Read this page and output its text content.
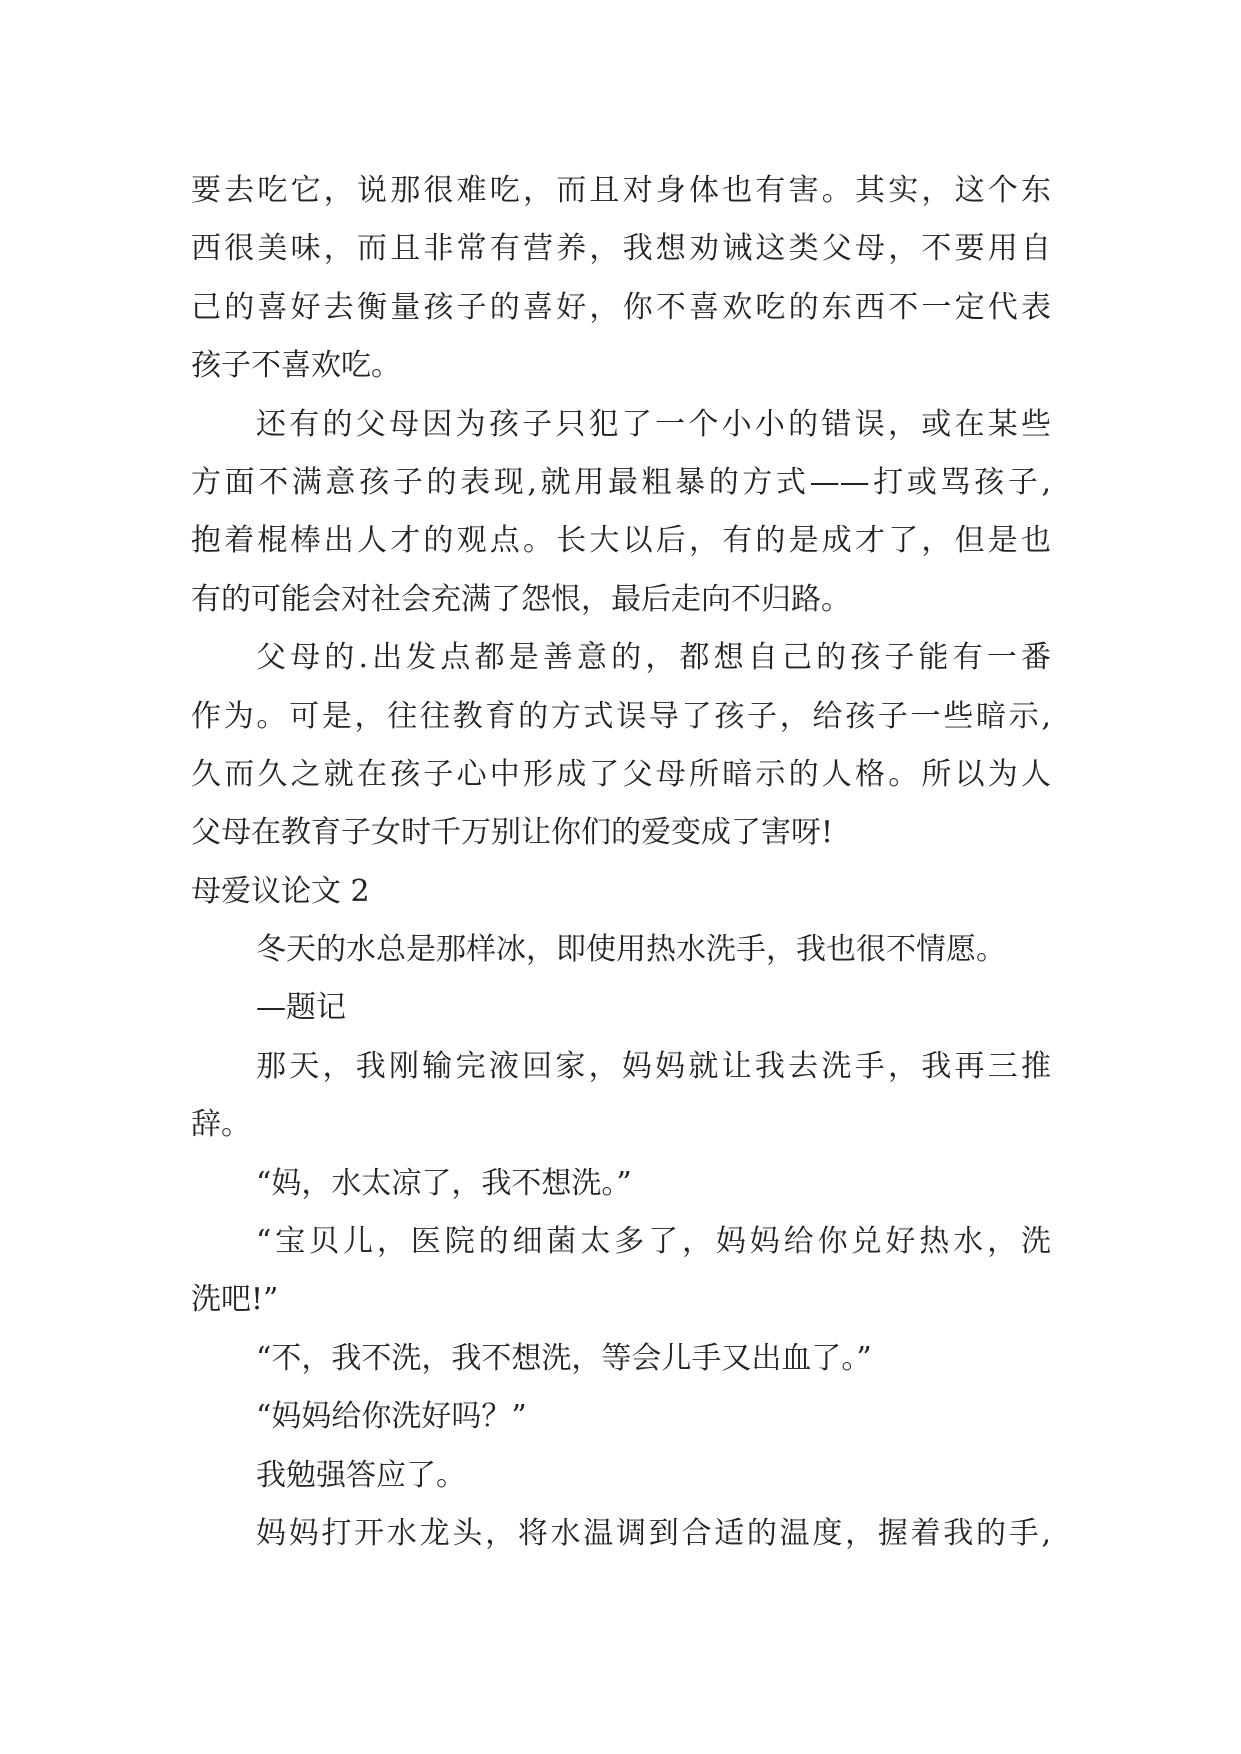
要去吃它，说那很难吃，而且对身体也有害。其实，这个东
西很美味，而且非常有营养，我想劝诫这类父母，不要用自
己的喜好去衡量孩子的喜好，你不喜欢吃的东西不一定代表
孩子不喜欢吃。
还有的父母因为孩子只犯了一个小小的错误，或在某些
方面不满意孩子的表现,就用最粗暴的方式——打或骂孩子,
抱着棍棒出人才的观点。长大以后，有的是成才了，但是也
有的可能会对社会充满了怨恨，最后走向不归路。
父母的.出发点都是善意的，都想自己的孩子能有一番
作为。可是，往往教育的方式误导了孩子，给孩子一些暗示,
久而久之就在孩子心中形成了父母所暗示的人格。所以为人
父母在教育子女时千万别让你们的爱变成了害呀!
母爱议论文 2
冬天的水总是那样冰，即使用热水洗手，我也很不情愿。
—题记
那天，我刚输完液回家，妈妈就让我去洗手，我再三推
辞。
“妈，水太凉了，我不想洗。”
“宝贝儿，医院的细菌太多了，妈妈给你兑好热水，洗
洗吧!”
“不，我不洗，我不想洗，等会儿手又出血了。”
“妈妈给你洗好吗？”
我勉强答应了。
妈妈打开水龙头，将水温调到合适的温度，握着我的手,
